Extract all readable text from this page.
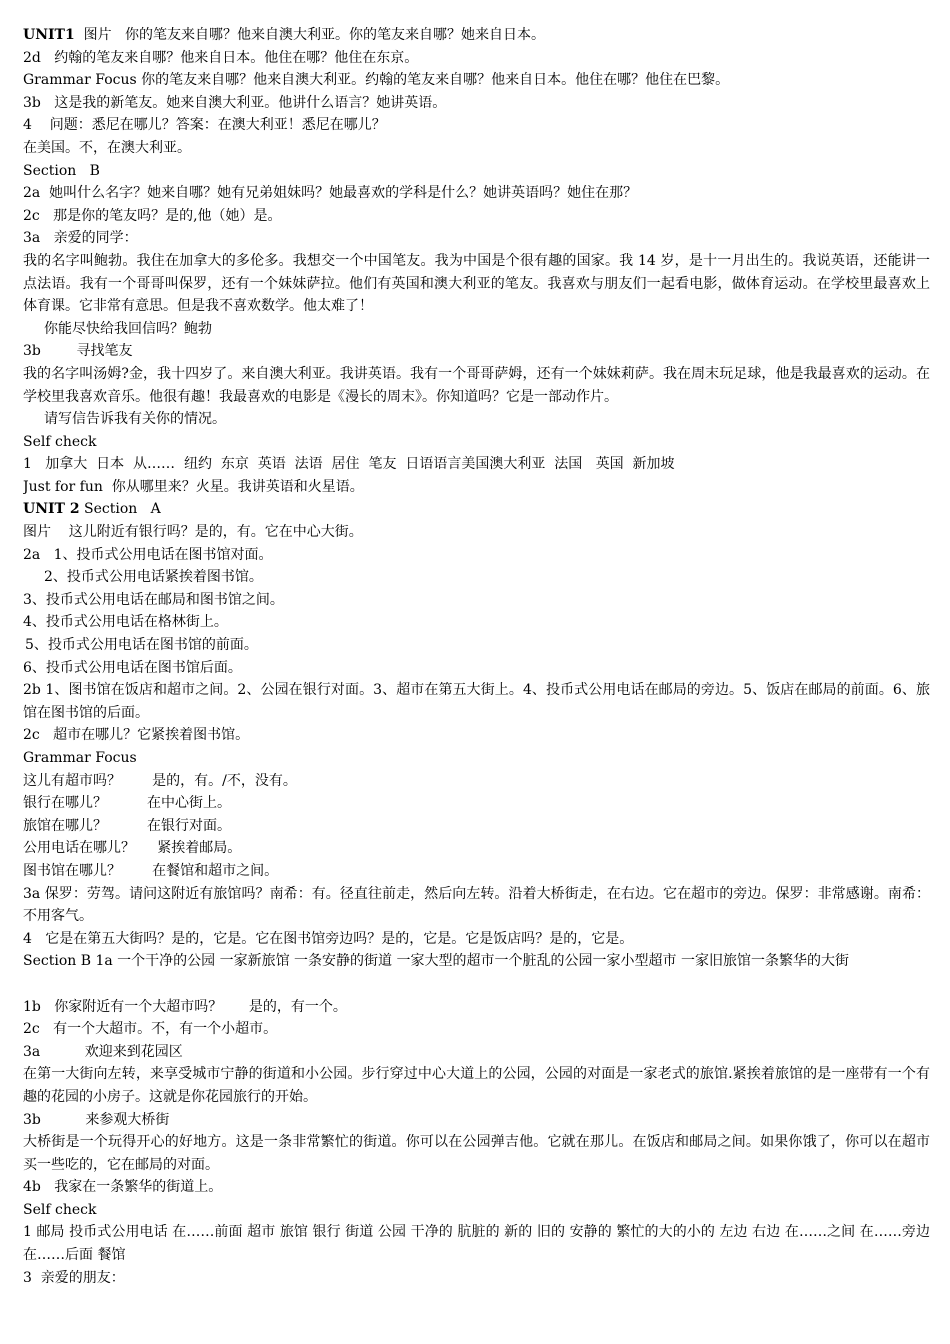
UNIT1  图片   你的笔友来自哪？他来自澳大利亚。你的笔友来自哪？她来自日本。
2d   约翰的笔友来自哪？他来自日本。他住在哪？他住在东京。
Grammar Focus 你的笔友来自哪？他来自澳大利亚。约翰的笔友来自哪？他来自日本。他住在哪？他住在巴黎。
3b   这是我的新笔友。她来自澳大利亚。他讲什么语言？她讲英语。
4    问题：悉尼在哪儿？答案：在澳大利亚！悉尼在哪儿？
在美国。不，在澳大利亚。
Section   B
2a  她叫什么名字？她来自哪？她有兄弟姐妹吗？她最喜欢的学科是什么？她讲英语吗？她住在那？
2c   那是你的笔友吗？是的,他（她）是。
3a   亲爱的同学：
我的名字叫鲍勃。我住在加拿大的多伦多。我想交一个中国笔友。我为中国是个很有趣的国家。我 14 岁，是十一月出生的。我说英语，还能讲一点法语。我有一个哥哥叫保罗，还有一个妹妹萨拉。他们有英国和澳大利亚的笔友。我喜欢与朋友们一起看电影，做体育运动。在学校里最喜欢上体育课。它非常有意思。但是我不喜欢数学。他太难了！
你能尽快给我回信吗？鲍勃
3b        寻找笔友
我的名字叫汤姆?金，我十四岁了。来自澳大利亚。我讲英语。我有一个哥哥萨姆，还有一个妹妹莉萨。我在周末玩足球，他是我最喜欢的运动。在学校里我喜欢音乐。他很有趣！我最喜欢的电影是《漫长的周末》。你知道吗？它是一部动作片。
请写信告诉我有关你的情况。
Self check
1   加拿大  日本  从……  纽约  东京  英语  法语  居住  笔友  日语语言美国澳大利亚  法国   英国  新加坡
Just for fun  你从哪里来？火星。我讲英语和火星语。
UNIT 2 Section   A
图片    这儿附近有银行吗？是的，有。它在中心大街。
2a   1、投币式公用电话在图书馆对面。
2、投币式公用电话紧挨着图书馆。
3、投币式公用电话在邮局和图书馆之间。
4、投币式公用电话在格林街上。
5、投币式公用电话在图书馆的前面。
6、投币式公用电话在图书馆后面。
2b 1、图书馆在饭店和超市之间。2、公园在银行对面。3、超市在第五大街上。4、投币式公用电话在邮局的旁边。5、饭店在邮局的前面。6、旅馆在图书馆的后面。
2c   超市在哪儿？它紧挨着图书馆。
Grammar Focus
这儿有超市吗？       是的，有。/不，没有。
银行在哪儿？         在中心街上。
旅馆在哪儿？         在银行对面。
公用电话在哪儿？     紧挨着邮局。
图书馆在哪儿？       在餐馆和超市之间。
3a 保罗：劳驾。请问这附近有旅馆吗？南希：有。径直往前走，然后向左转。沿着大桥街走，在右边。它在超市的旁边。保罗：非常感谢。南希：不用客气。
4   它是在第五大街吗？是的，它是。它在图书馆旁边吗？是的，它是。它是饭店吗？是的，它是。
Section B 1a 一个干净的公园 一家新旅馆 一条安静的街道 一家大型的超市一个脏乱的公园一家小型超市 一家旧旅馆一条繁华的大街
1b   你家附近有一个大超市吗？      是的，有一个。
2c   有一个大超市。不，有一个小超市。
3a          欢迎来到花园区
在第一大街向左转，来享受城市宁静的街道和小公园。步行穿过中心大道上的公园，公园的对面是一家老式的旅馆.紧挨着旅馆的是一座带有一个有趣的花园的小房子。这就是你花园旅行的开始。
3b          来参观大桥街
大桥街是一个玩得开心的好地方。这是一条非常繁忙的街道。你可以在公园弹吉他。它就在那儿。在饭店和邮局之间。如果你饿了，你可以在超市买一些吃的，它在邮局的对面。
4b   我家在一条繁华的街道上。
Self check
1 邮局 投币式公用电话 在……前面 超市 旅馆 银行 街道 公园 干净的 肮脏的 新的 旧的 安静的 繁忙的大的小的 左边 右边 在……之间 在……旁边 在……后面 餐馆
3  亲爱的朋友：
